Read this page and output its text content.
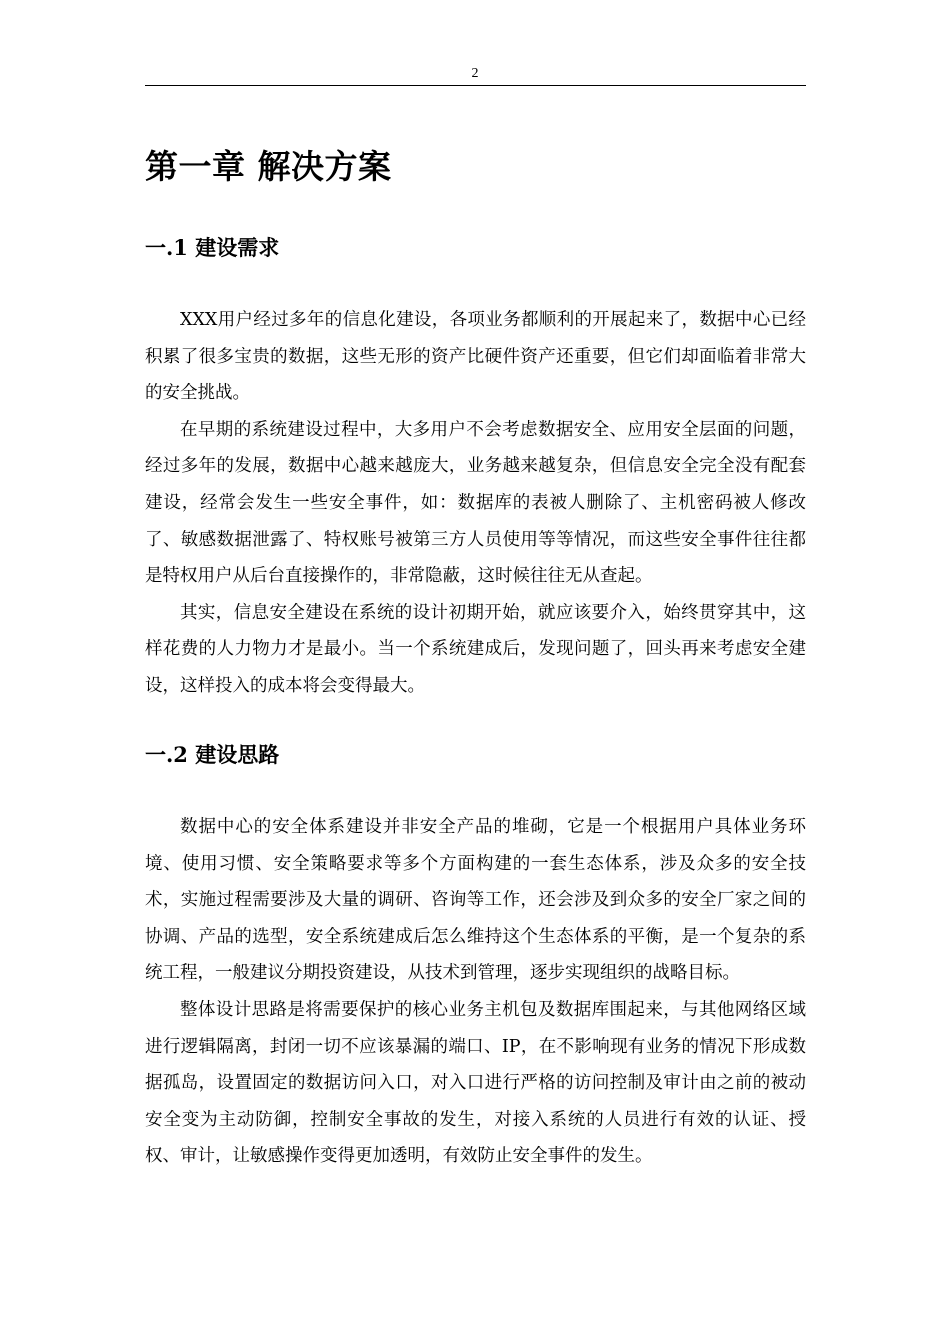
2
第一章 解决方案
一.1 建设需求

XXX用户经过多年的信息化建设，各项业务都顺利的开展起来了，数据中心已经积累了很多宝贵的数据，这些无形的资产比硬件资产还重要，但它们却面临着非常大的安全挑战。

在早期的系统建设过程中，大多用户不会考虑数据安全、应用安全层面的问题，经过多年的发展，数据中心越来越庞大，业务越来越复杂，但信息安全完全没有配套建设，经常会发生一些安全事件，如：数据库的表被人删除了、主机密码被人修改了、敏感数据泄露了、特权账号被第三方人员使用等等情况，而这些安全事件往往都是特权用户从后台直接操作的，非常隐蔽，这时候往往无从查起。

其实，信息安全建设在系统的设计初期开始，就应该要介入，始终贯穿其中，这样花费的人力物力才是最小。当一个系统建成后，发现问题了，回头再来考虑安全建设，这样投入的成本将会变得最大。

一.2 建设思路

数据中心的安全体系建设并非安全产品的堆砌，它是一个根据用户具体业务环境、使用习惯、安全策略要求等多个方面构建的一套生态体系，涉及众多的安全技术，实施过程需要涉及大量的调研、咨询等工作，还会涉及到众多的安全厂家之间的协调、产品的选型，安全系统建成后怎么维持这个生态体系的平衡，是一个复杂的系统工程，一般建议分期投资建设，从技术到管理，逐步实现组织的战略目标。

整体设计思路是将需要保护的核心业务主机包及数据库围起来，与其他网络区域进行逻辑隔离，封闭一切不应该暴漏的端口、IP，在不影响现有业务的情况下形成数据孤岛，设置固定的数据访问入口，对入口进行严格的访问控制及审计由之前的被动安全变为主动防御，控制安全事故的发生，对接入系统的人员进行有效的认证、授权、审计，让敏感操作变得更加透明，有效防止安全事件的发生。
